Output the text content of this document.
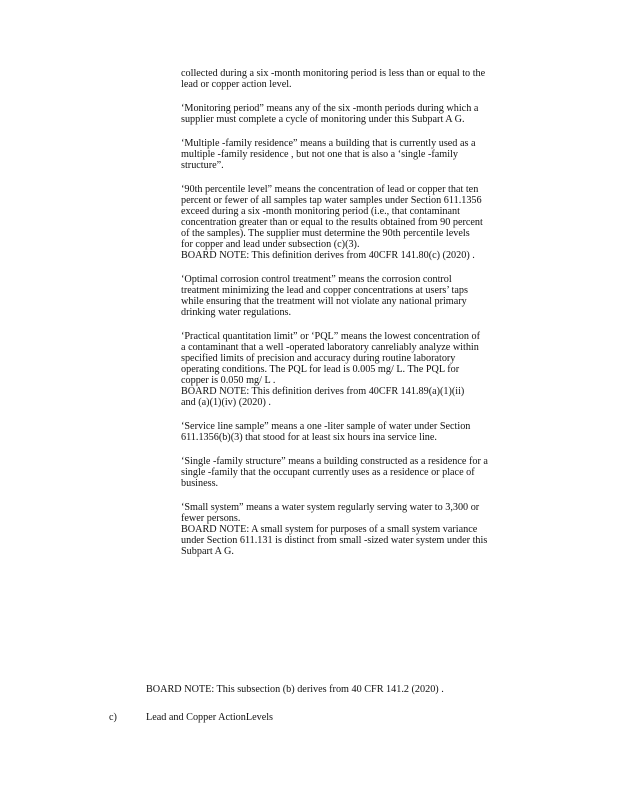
collected during a six -month monitoring period is less than or equal to the
lead or copper action level.
‘Monitoring period” means any of the six -month periods during which a
supplier must complete a cycle of monitoring under this Subpart A G.
‘Multiple -family residence” means a building that is currently used as a
multiple -family residence , but not one that is also a ‘single -family
structure”.
‘90th percentile level” means the concentration of lead or copper that ten
percent or fewer of all samples tap water samples under Section 611.1356
exceed during a six -month monitoring period (i.e., that contaminant
concentration greater than or equal to the results obtained from 90 percent
of the samples). The supplier must determine the 90th percentile levels
for copper and lead under subsection (c)(3).
BOARD NOTE: This definition derives from 40CFR 141.80(c) (2020) .
‘Optimal corrosion control treatment” means the corrosion control
treatment minimizing the lead and copper concentrations at users’ taps
while ensuring that the treatment will not violate any national primary
drinking water regulations.
‘Practical quantitation limit” or ‘PQL” means the lowest concentration of
a contaminant that a well -operated laboratory canreliably analyze within
specified limits of precision and accuracy during routine laboratory
operating conditions. The PQL for lead is 0.005 mg/ L. The PQL for
copper is 0.050 mg/ L .
BOARD NOTE: This definition derives from 40CFR 141.89(a)(1)(ii)
and (a)(1)(iv) (2020) .
‘Service line sample” means a one -liter sample of water under Section
611.1356(b)(3) that stood for at least six hours ina service line.
‘Single -family structure” means a building constructed as a residence for a
single -family that the occupant currently uses as a residence or place of
business.
‘Small system” means a water system regularly serving water to 3,300 or
fewer persons.
BOARD NOTE: A small system for purposes of a small system variance
under Section 611.131 is distinct from small -sized water system under this
Subpart A G.
BOARD NOTE: This subsection (b) derives from 40 CFR 141.2 (2020) .
c)	Lead and Copper ActionLevels
